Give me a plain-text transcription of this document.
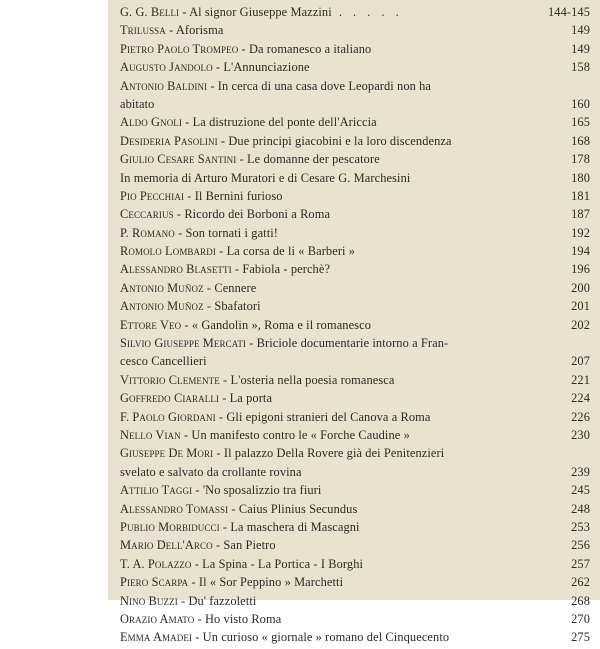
G. G. Belli - Al signor Giuseppe Mazzini . . . . .	144-145
Trilussa - Aforisma	149
Pietro Paolo Trompeo - Da romanesco a italiano	149
Augusto Jandolo - L'Annunciazione	158
Antonio Baldini - In cerca di una casa dove Leopardi non ha
abitato	160
Aldo Gnoli - La distruzione del ponte dell'Ariccia	165
Desideria Pasolini - Due principi giacobini e la loro discendenza	168
Giulio Cesare Santini - Le domanne der pescatore	178
In memoria di Arturo Muratori e di Cesare G. Marchesini	180
Pio Pecchiai - Il Bernini furioso	181
Ceccarius - Ricordo dei Borboni a Roma	187
P. Romano - Son tornati i gatti!	192
Romolo Lombardi - La corsa de li « Barberi »	194
Alessandro Blasetti - Fabiola - perchè?	196
Antonio Muñoz - Cennere	200
Antonio Muñoz - Sbafatori	201
Ettore Veo - « Gandolin », Roma e il romanesco	202
Silvio Giuseppe Mercati - Briciole documentarie intorno a Fran-
cesco Cancellieri	207
Vittorio Clemente - L'osteria nella poesia romanesca	221
Goffredo Ciaralli - La porta	224
F. Paolo Giordani - Gli epigoni stranieri del Canova a Roma	226
Nello Vian - Un manifesto contro le « Forche Caudine »	230
Giuseppe De Mori - Il palazzo Della Rovere già dei Penitenzieri
svelato e salvato da crollante rovina	239
Attilio Taggi - 'No sposalizzio tra fiuri	245
Alessandro Tomassi - Caius Plinius Secundus	248
Publio Morbiducci - La maschera di Mascagni	253
Mario Dell'Arco - San Pietro	256
T. A. Polazzo - La Spina - La Portica - I Borghi	257
Piero Scarpa - Il « Sor Peppino » Marchetti	262
Nino Buzzi - Du' fazzoletti	268
Orazio Amato - Ho visto Roma	270
Emma Amadei - Un curioso « giornale » romano del Cinquecento	275
